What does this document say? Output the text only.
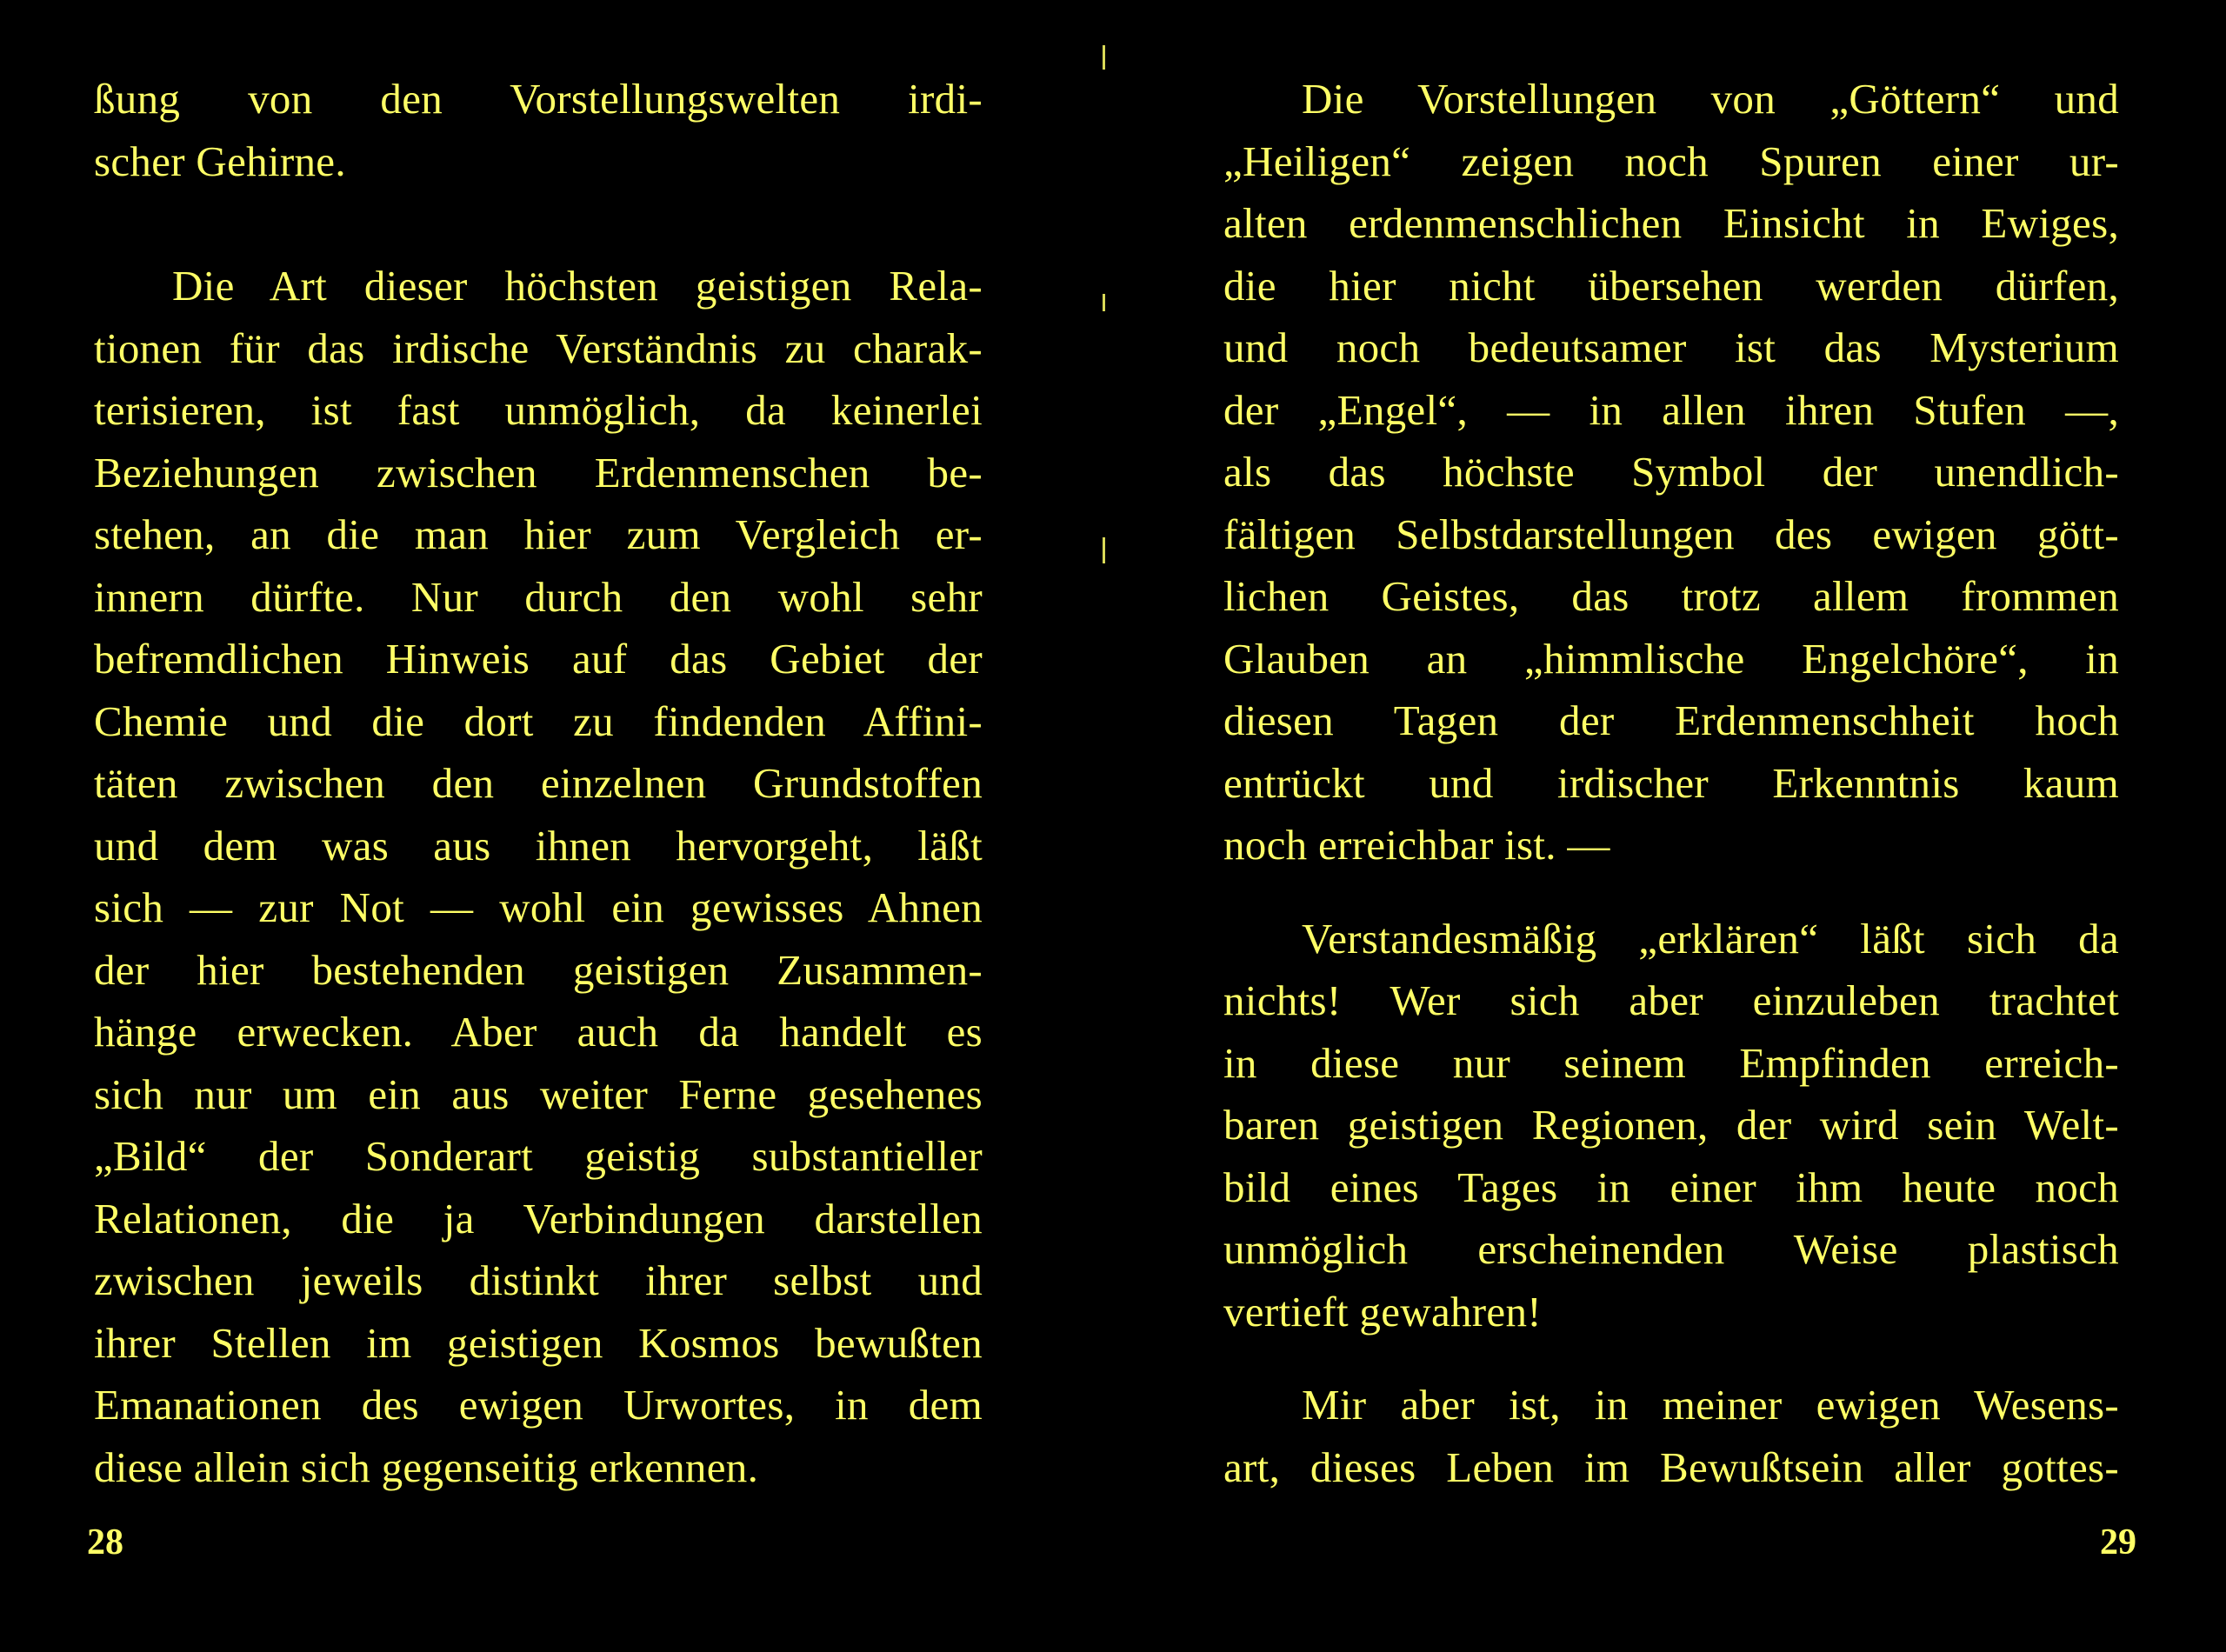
ßung von den Vorstellungswelten irdi-
scher Gehirne.
Die Art dieser höchsten geistigen Rela-
tionen für das irdische Verständnis zu charak-
terisieren, ist fast unmöglich, da keinerlei
Beziehungen zwischen Erdenmenschen be-
stehen, an die man hier zum Vergleich er-
innern dürfte. Nur durch den wohl sehr
befremdlichen Hinweis auf das Gebiet der
Chemie und die dort zu findenden Affini-
täten zwischen den einzelnen Grundstoffen
und dem was aus ihnen hervorgeht, läßt
sich — zur Not — wohl ein gewisses Ahnen
der hier bestehenden geistigen Zusammen-
hänge erwecken. Aber auch da handelt es
sich nur um ein aus weiter Ferne gesehenes
„Bild“ der Sonderart geistig substantieller
Relationen, die ja Verbindungen darstellen
zwischen jeweils distinkt ihrer selbst und
ihrer Stellen im geistigen Kosmos bewußten
Emanationen des ewigen Urwortes, in dem
diese allein sich gegenseitig erkennen.
28
Die Vorstellungen von „Göttern“ und
„Heiligen“ zeigen noch Spuren einer ur-
alten erdenmenschlichen Einsicht in Ewiges,
die hier nicht übersehen werden dürfen,
und noch bedeutsamer ist das Mysterium
der „Engel“, — in allen ihren Stufen —,
als das höchste Symbol der unendlich-
fältigen Selbstdarstellungen des ewigen gött-
lichen Geistes, das trotz allem frommen
Glauben an „himmlische Engelchöre“, in
diesen Tagen der Erdenmenschheit hoch
entrückt und irdischer Erkenntnis kaum
noch erreichbar ist. —
Verstandesmäßig „erklären“ läßt sich da
nichts! Wer sich aber einzuleben trachtet
in diese nur seinem Empfinden erreich-
baren geistigen Regionen, der wird sein Welt-
bild eines Tages in einer ihm heute noch
unmöglich erscheinenden Weise plastisch
vertieft gewahren!
Mir aber ist, in meiner ewigen Wesens-
art, dieses Leben im Bewußtsein aller gottes-
29
